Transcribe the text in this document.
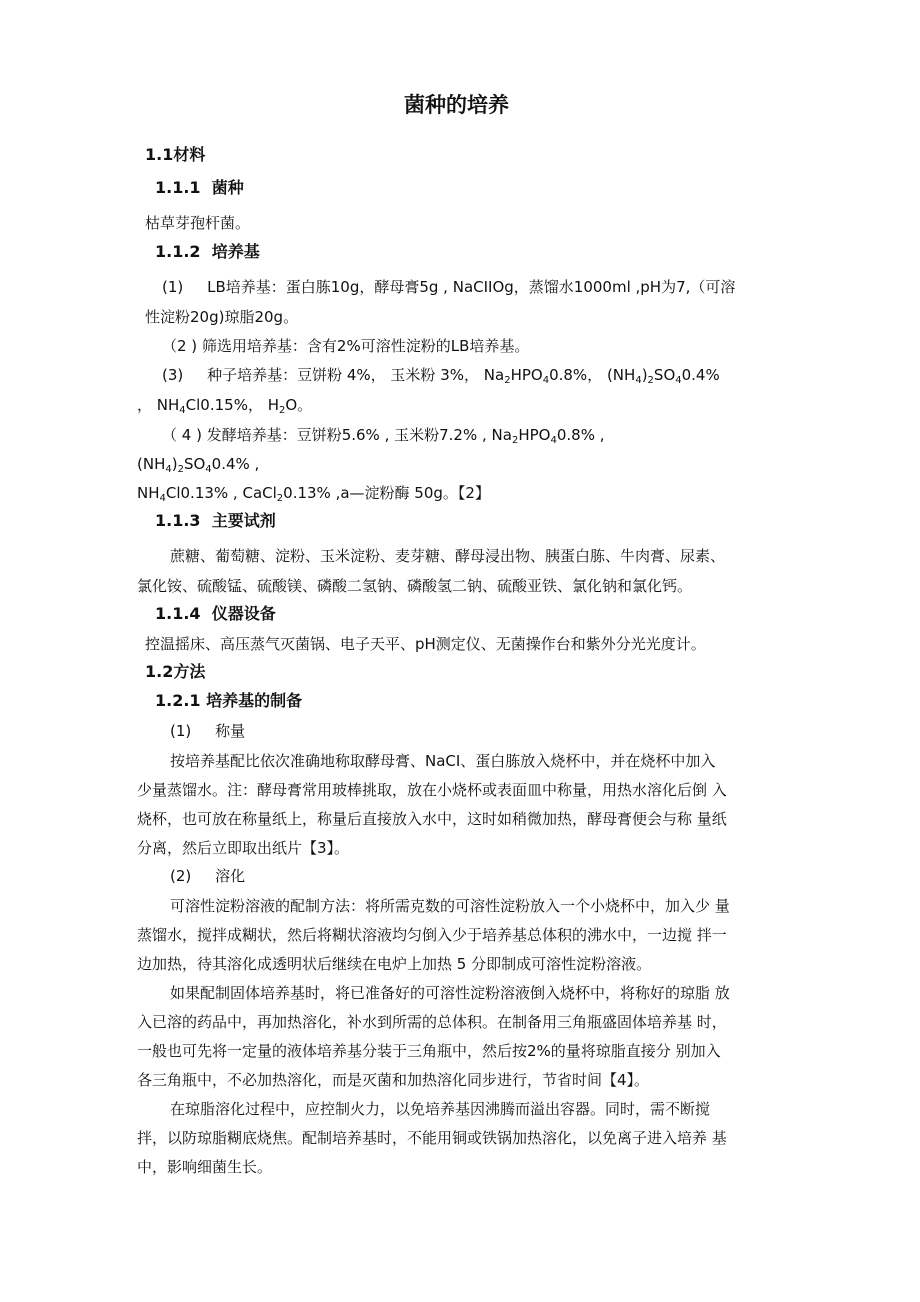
菌种的培养
1.1材料
1.1.1 菌种
枯草芽孢杆菌。
1.1.2 培养基
(1) LB培养基：蛋白胨10g，酵母膏5g , NaCIIOg，蒸馏水1000ml ,pH为7,（可溶
性淀粉20g)琼脂20g。
（2 ) 筛选用培养基：含有2%可溶性淀粉的LB培养基。
(3) 种子培养基：豆饼粉 4%， 玉米粉 3%， $Na_2HPO_40.8\%$， $(NH_4)_2SO_40.4\%$
， $NH_4Cl0.15\%$， $H_2O$。
（ 4 ) 发酵培养基：豆饼粉5.6% , 玉米粉7.2% , $Na_2HPO_40.8\%$ ,
$(NH_4)_2SO_40.4\%$ ,
$NH_4Cl0.13\%$ , CaCl$_2$0.13% ,a—淀粉酶 50g。【2】
1.1.3 主要试剂
蔗糖、葡萄糖、淀粉、玉米淀粉、麦芽糖、酵母浸出物、胰蛋白胨、牛肉膏、尿素、
氯化铵、硫酸锰、硫酸镁、磷酸二氢钠、磷酸氢二钠、硫酸亚铁、氯化钠和氯化钙。
1.1.4 仪器设备
控温摇床、高压蒸气灭菌锅、电子天平、pH测定仪、无菌操作台和紫外分光光度计。
1.2方法
1.2.1 培养基的制备
(1) 称量
按培养基配比依次准确地称取酵母膏、NaCI、蛋白胨放入烧杯中，并在烧杯中加入
少量蒸馏水。注：酵母膏常用玻棒挑取，放在小烧杯或表面皿中称量，用热水溶化后倒 入
烧杯，也可放在称量纸上，称量后直接放入水中，这时如稍微加热，酵母膏便会与称 量纸
分离，然后立即取出纸片【3】。
(2) 溶化
可溶性淀粉溶液的配制方法：将所需克数的可溶性淀粉放入一个小烧杯中，加入少 量
蒸馏水，搅拌成糊状，然后将糊状溶液均匀倒入少于培养基总体积的沸水中，一边搅 拌一
边加热，待其溶化成透明状后继续在电炉上加热 5 分即制成可溶性淀粉溶液。
如果配制固体培养基时，将已准备好的可溶性淀粉溶液倒入烧杯中，将称好的琼脂 放
入已溶的药品中，再加热溶化，补水到所需的总体积。在制备用三角瓶盛固体培养基 时，
一般也可先将一定量的液体培养基分装于三角瓶中，然后按2%的量将琼脂直接分 别加入
各三角瓶中，不必加热溶化，而是灭菌和加热溶化同步进行，节省时间【4】。
在琼脂溶化过程中，应控制火力，以免培养基因沸腾而溢出容器。同时，需不断搅
拌，以防琼脂糊底烧焦。配制培养基时，不能用铜或铁锅加热溶化，以免离子进入培养 基
中，影响细菌生长。
